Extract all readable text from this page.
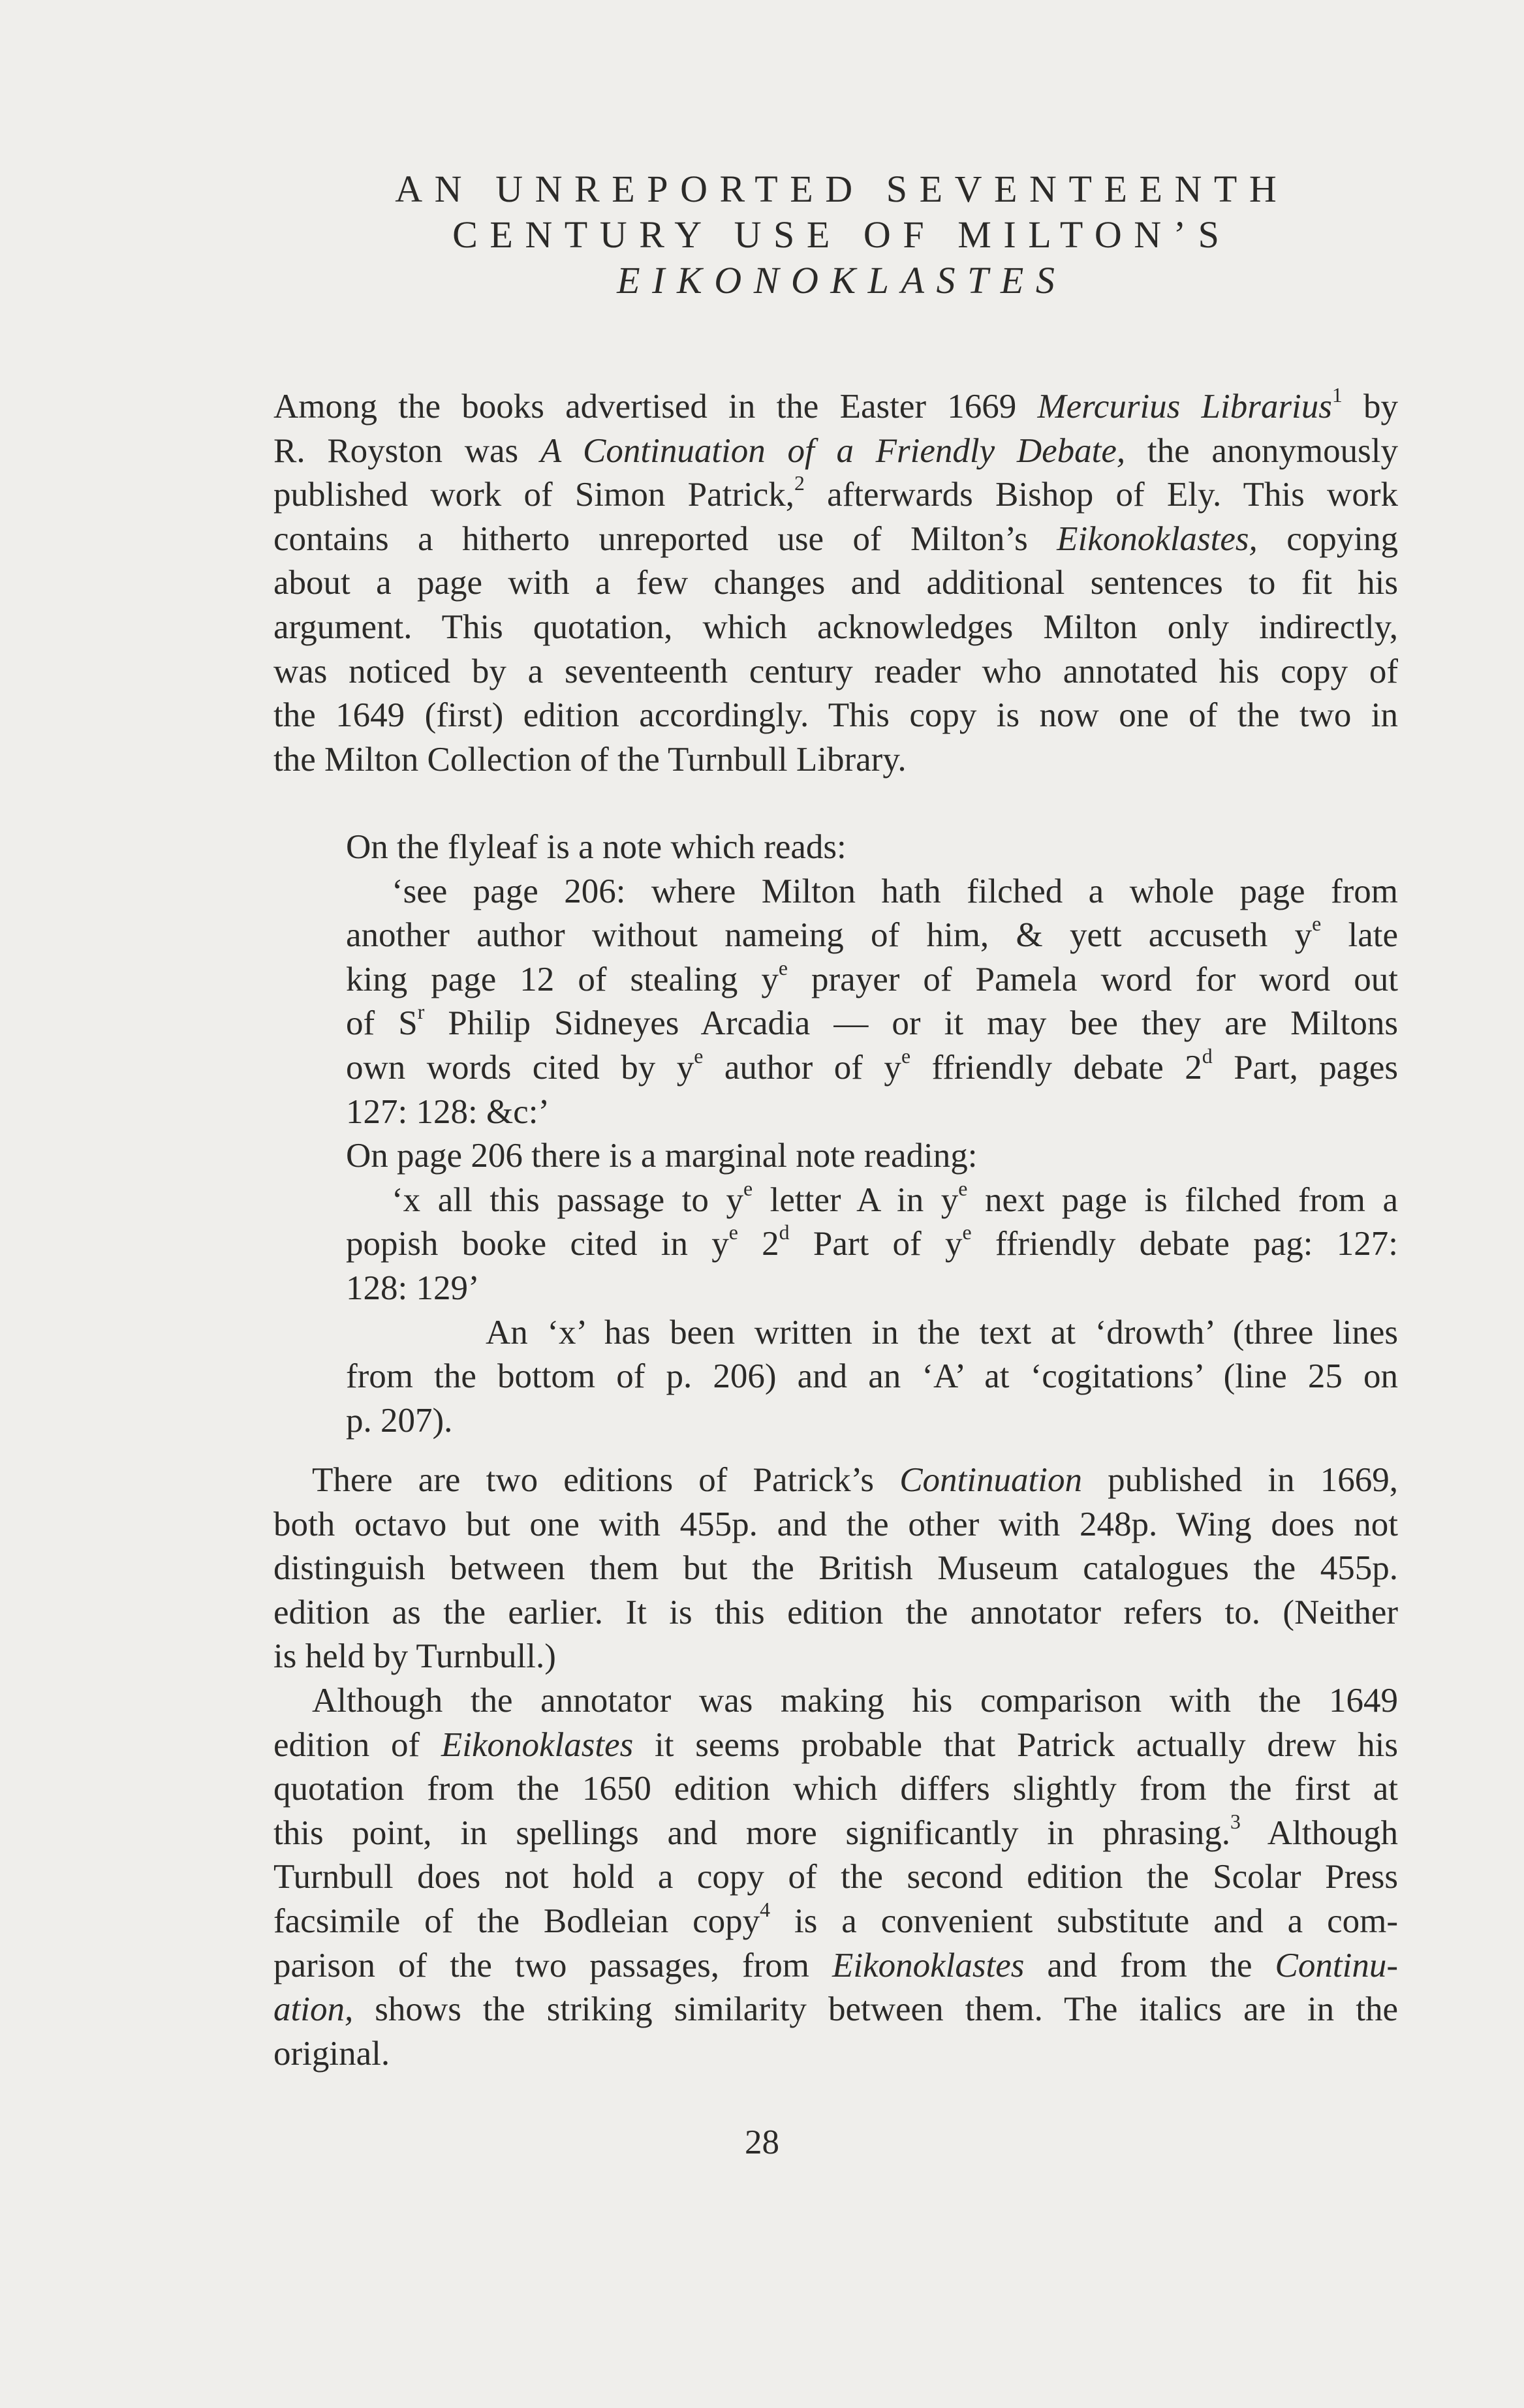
AN UNREPORTED SEVENTEENTH
CENTURY USE OF MILTON’S
EIKONOKLASTES
Among the books advertised in the Easter 1669 Mercurius Librarius$^1$ by
R. Royston was A Continuation of a Friendly Debate, the anonymously
published work of Simon Patrick,$^2$ afterwards Bishop of Ely. This work
contains a hitherto unreported use of Milton’s Eikonoklastes, copying
about a page with a few changes and additional sentences to fit his
argument. This quotation, which acknowledges Milton only indirectly,
was noticed by a seventeenth century reader who annotated his copy of
the 1649 (first) edition accordingly. This copy is now one of the two in
the Milton Collection of the Turnbull Library.
On the flyleaf is a note which reads:
‘see page 206: where Milton hath filched a whole page from
another author without nameing of him, & yett accuseth $y^e$ late
king page 12 of stealing $y^e$ prayer of Pamela word for word out
of $S^r$ Philip Sidneyes Arcadia — or it may bee they are Miltons
own words cited by $y^e$ author of $y^e$ ffriendly debate 2$^d$ Part, pages
127: 128: &c:’
On page 206 there is a marginal note reading:
‘x all this passage to $y^e$ letter A in $y^e$ next page is filched from a
popish booke cited in $y^e$ 2$^d$ Part of $y^e$ ffriendly debate pag: 127:
128: 129’
An ‘x’ has been written in the text at ‘drowth’ (three lines
from the bottom of p. 206) and an ‘A’ at ‘cogitations’ (line 25 on
p. 207).
There are two editions of Patrick’s Continuation published in 1669,
both octavo but one with 455p. and the other with 248p. Wing does not
distinguish between them but the British Museum catalogues the 455p.
edition as the earlier. It is this edition the annotator refers to. (Neither
is held by Turnbull.)
Although the annotator was making his comparison with the 1649
edition of Eikonoklastes it seems probable that Patrick actually drew his
quotation from the 1650 edition which differs slightly from the first at
this point, in spellings and more significantly in phrasing.$^3$ Although
Turnbull does not hold a copy of the second edition the Scolar Press
facsimile of the Bodleian copy$^4$ is a convenient substitute and a com-
parison of the two passages, from Eikonoklastes and from the Continu-
ation, shows the striking similarity between them. The italics are in the
original.
28
